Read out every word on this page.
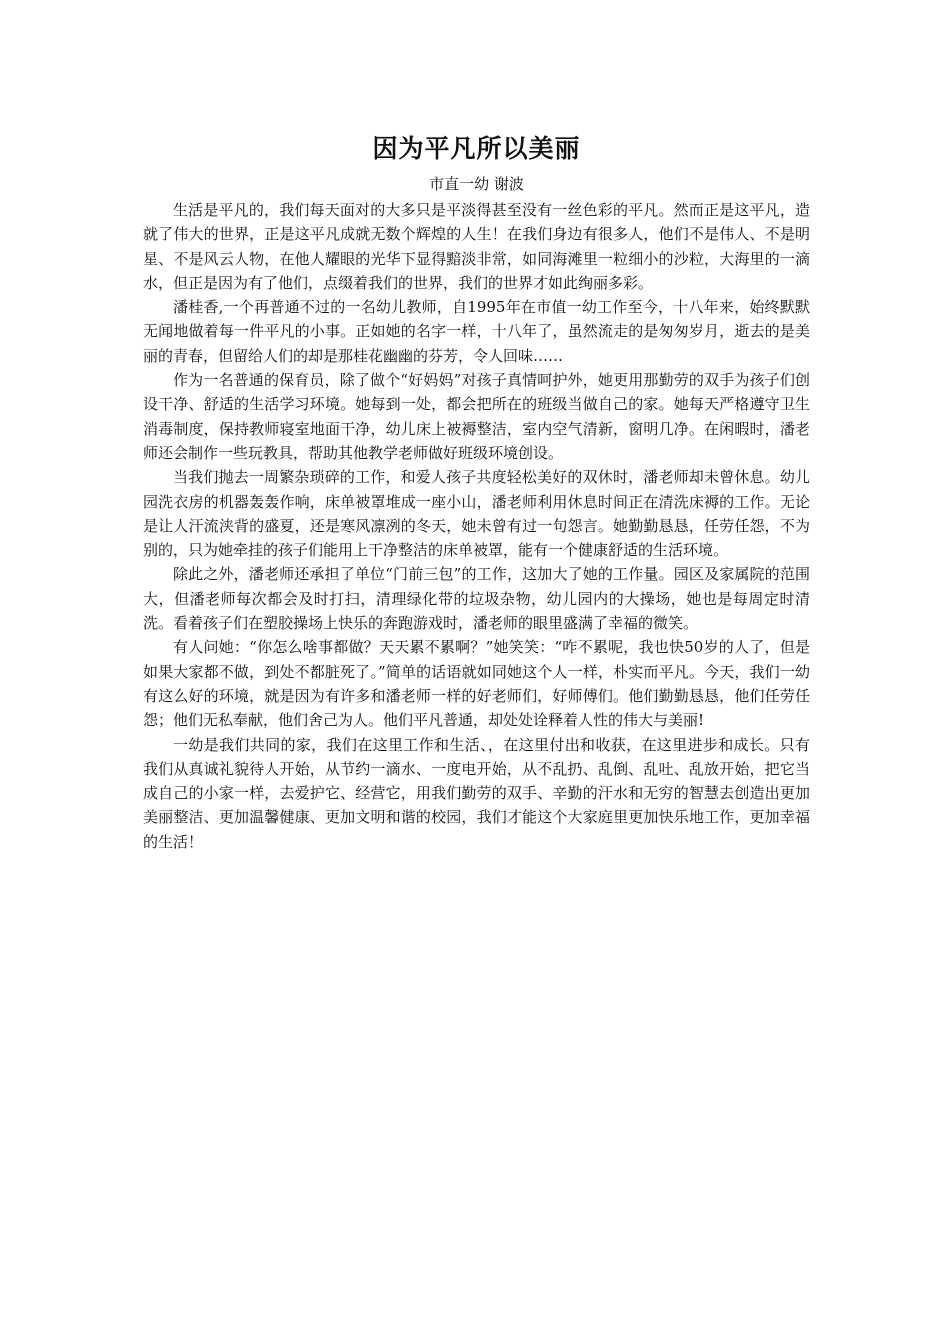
因为平凡所以美丽

市直一幼 谢波

生活是平凡的，我们每天面对的大多只是平淡得甚至没有一丝色彩的平凡。然而正是这平凡，造就了伟大的世界，正是这平凡成就无数个辉煌的人生！在我们身边有很多人，他们不是伟人、不是明星、不是风云人物，在他人耀眼的光华下显得黯淡非常，如同海滩里一粒细小的沙粒，大海里的一滴水，但正是因为有了他们，点缀着我们的世界，我们的世界才如此绚丽多彩。

潘桂香,一个再普通不过的一名幼儿教师，自1995年在市值一幼工作至今，十八年来，始终默默无闻地做着每一件平凡的小事。正如她的名字一样，十八年了，虽然流走的是匆匆岁月，逝去的是美丽的青春，但留给人们的却是那桂花幽幽的芬芳，令人回味……

作为一名普通的保育员，除了做个“好妈妈”对孩子真情呵护外，她更用那勤劳的双手为孩子们创设干净、舒适的生活学习环境。她每到一处，都会把所在的班级当做自己的家。她每天严格遵守卫生消毒制度，保持教师寝室地面干净，幼儿床上被褥整洁，室内空气清新，窗明几净。在闲暇时，潘老师还会制作一些玩教具，帮助其他教学老师做好班级环境创设。

当我们抛去一周繁杂琐碎的工作，和爱人孩子共度轻松美好的双休时，潘老师却未曾休息。幼儿园洗衣房的机器轰轰作响，床单被罩堆成一座小山，潘老师利用休息时间正在清洗床褥的工作。无论是让人汗流浃背的盛夏，还是寒风凛冽的冬天，她未曾有过一句怨言。她勤勤恳恳，任劳任怨，不为别的，只为她牵挂的孩子们能用上干净整洁的床单被罩，能有一个健康舒适的生活环境。

除此之外，潘老师还承担了单位“门前三包”的工作，这加大了她的工作量。园区及家属院的范围大，但潘老师每次都会及时打扫，清理绿化带的垃圾杂物，幼儿园内的大操场，她也是每周定时清洗。看着孩子们在塑胶操场上快乐的奔跑游戏时，潘老师的眼里盛满了幸福的微笑。

有人问她：“你怎么啥事都做？天天累不累啊？”她笑笑：“咋不累呢，我也快50岁的人了，但是如果大家都不做，到处不都脏死了。”简单的话语就如同她这个人一样，朴实而平凡。今天，我们一幼有这么好的环境，就是因为有许多和潘老师一样的好老师们，好师傅们。他们勤勤恳恳，他们任劳任怨；他们无私奉献，他们舍己为人。他们平凡普通，却处处诠释着人性的伟大与美丽!

一幼是我们共同的家，我们在这里工作和生活、，在这里付出和收获，在这里进步和成长。只有我们从真诚礼貌待人开始，从节约一滴水、一度电开始，从不乱扔、乱倒、乱吐、乱放开始，把它当成自己的小家一样，去爱护它、经营它，用我们勤劳的双手、辛勤的汗水和无穷的智慧去创造出更加美丽整洁、更加温馨健康、更加文明和谐的校园，我们才能这个大家庭里更加快乐地工作，更加幸福的生活！
